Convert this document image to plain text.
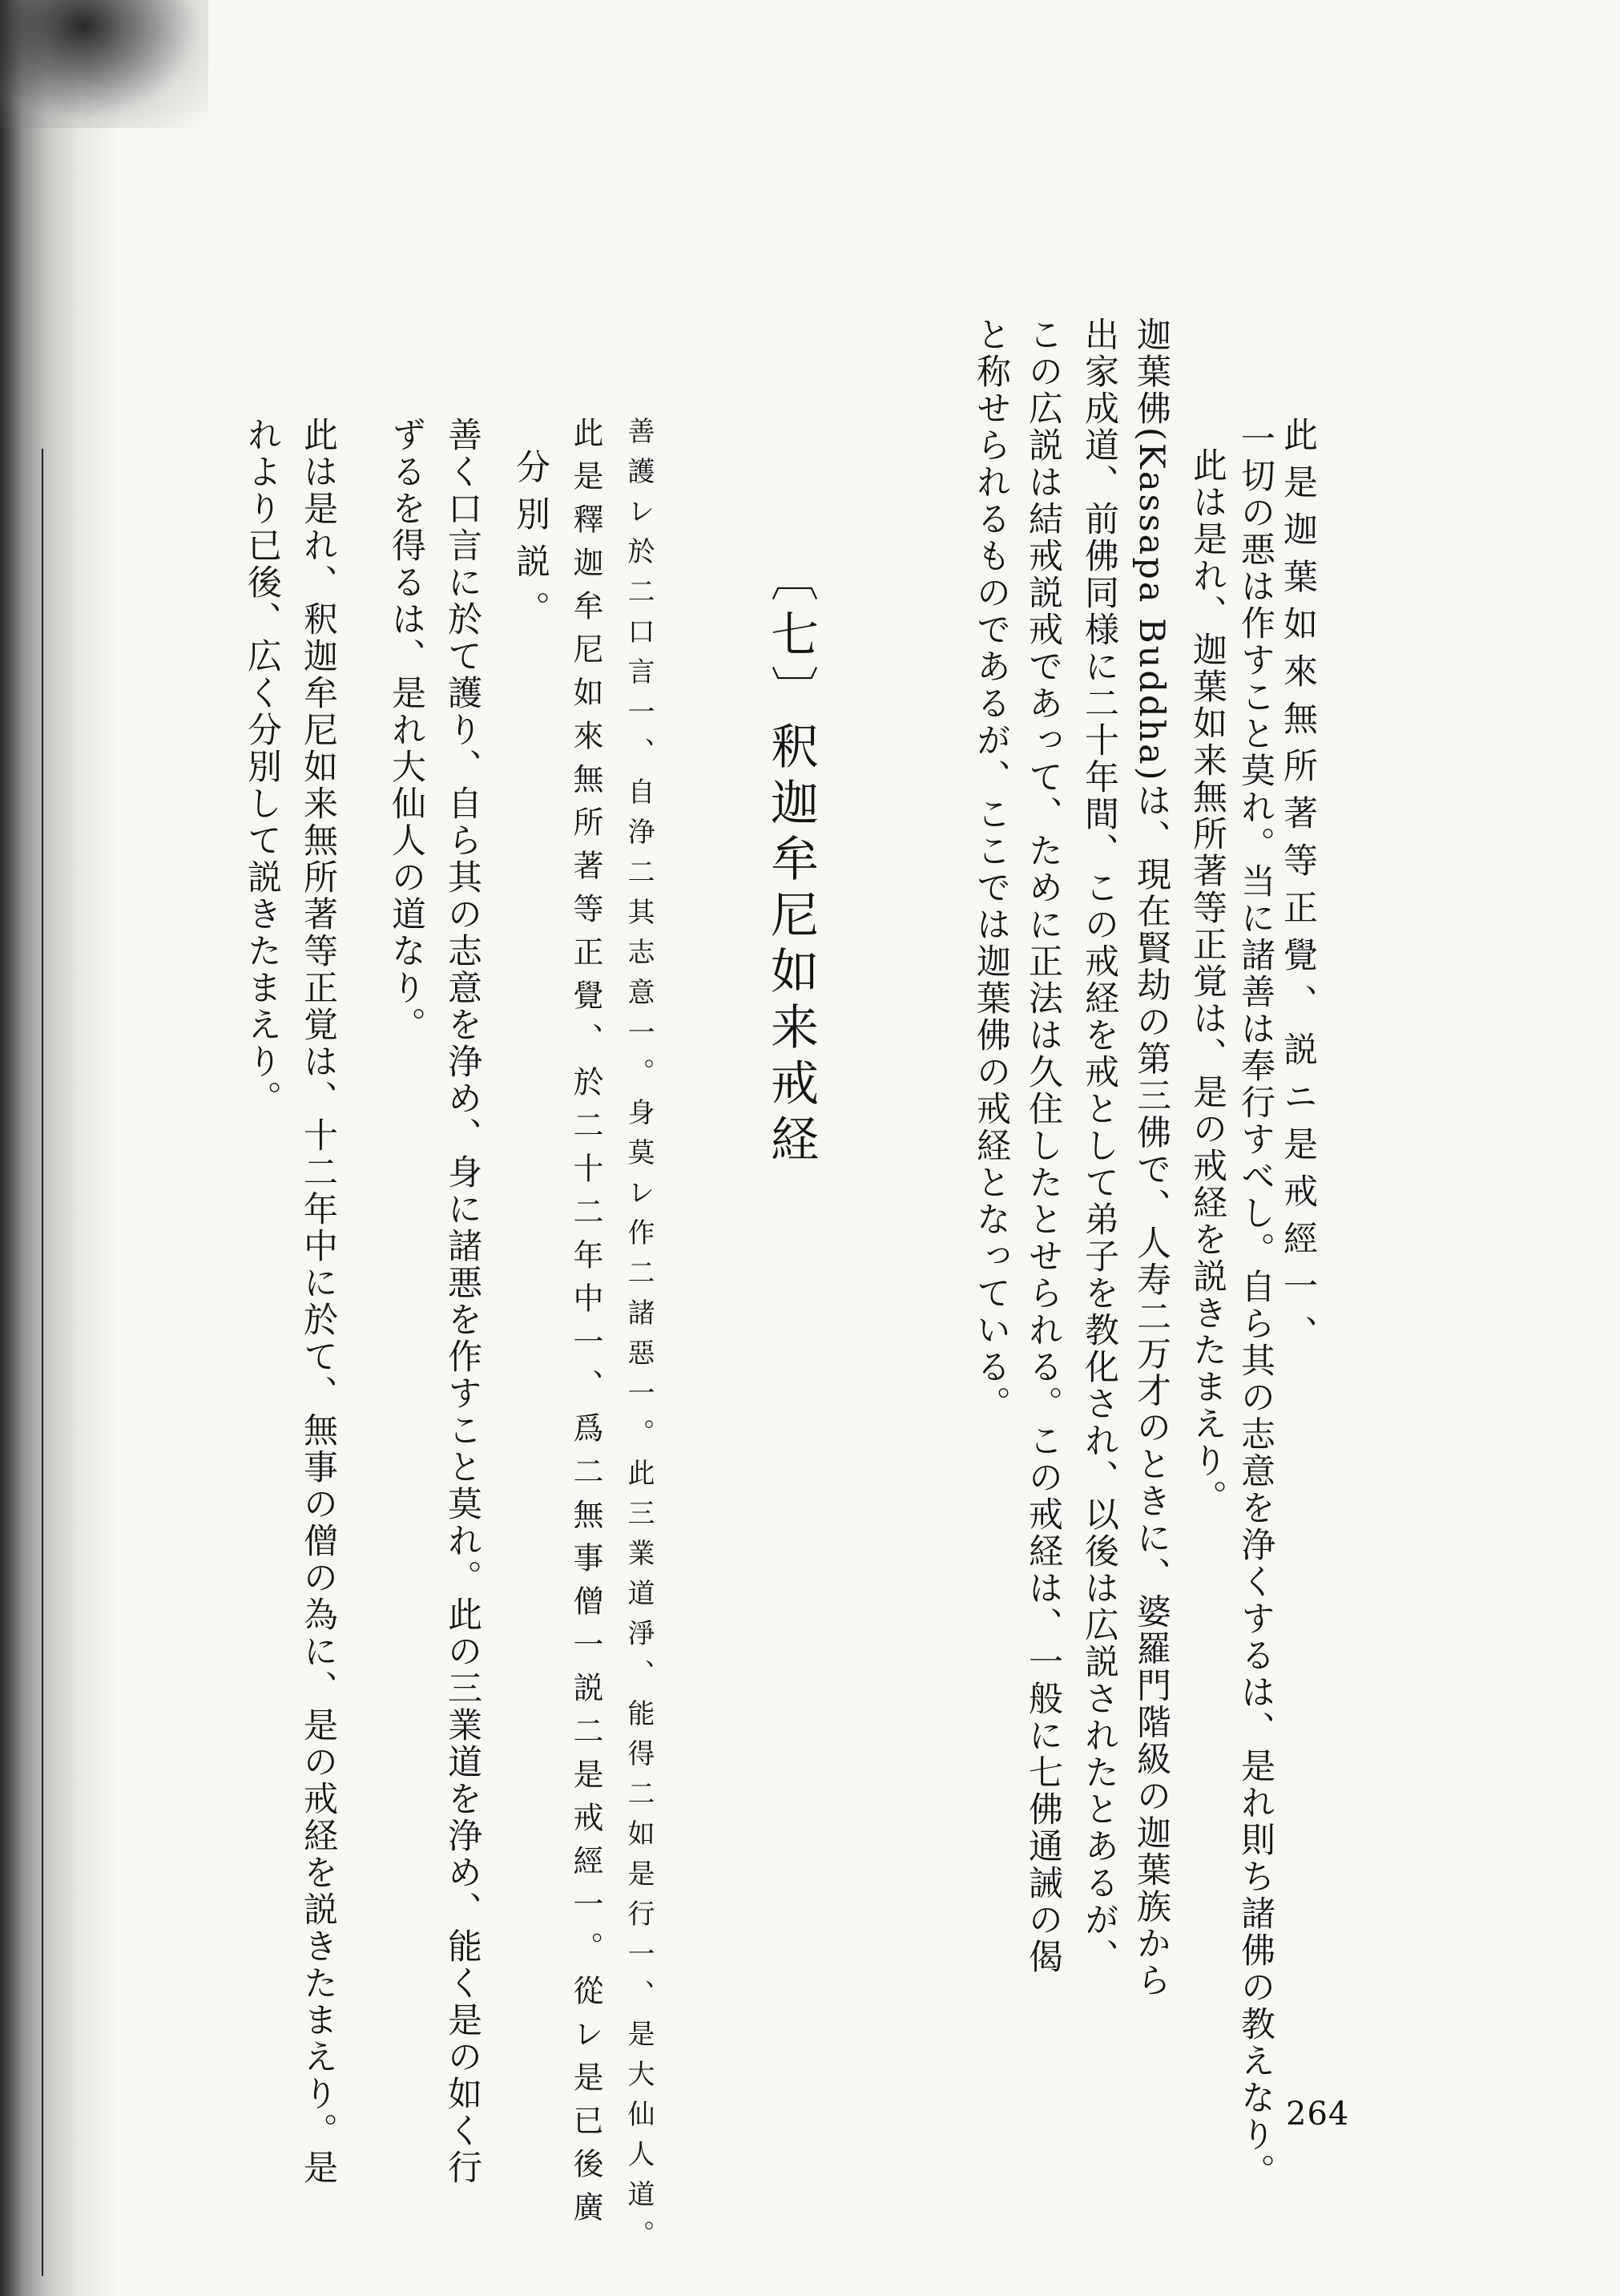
此是迦葉如來無所著等正覺、説ニ是戒經一、
一切の悪は作すこと莫れ。当に諸善は奉行すべし。自ら其の志意を浄くするは、是れ則ち諸佛の教えなり。
此は是れ、迦葉如来無所著等正覚は、是の戒経を説きたまえり。
迦葉佛(Kassapa Buddha)は、現在賢劫の第三佛で、人寿二万才のときに、婆羅門階級の迦葉族から
出家成道、前佛同様に二十年間、この戒経を戒として弟子を教化され、以後は広説されたとあるが、
この広説は結戒説戒であって、ために正法は久住したとせられる。この戒経は、一般に七佛通誡の偈
と称せられるものであるが、ここでは迦葉佛の戒経となっている。
〔七〕釈迦牟尼如来戒経
善護レ於二口言一、自浄二其志意一。身莫レ作二諸惡一。此三業道淨、能得二如是行一、是大仙人道。
此是釋迦牟尼如來無所著等正覺、於二十二年中一、爲二無事僧一説二是戒經一。從レ是已後廣
分別説。
善く口言に於て護り、自ら其の志意を浄め、身に諸悪を作すこと莫れ。此の三業道を浄め、能く是の如く行
ずるを得るは、是れ大仙人の道なり。
此は是れ、釈迦牟尼如来無所著等正覚は、十二年中に於て、無事の僧の為に、是の戒経を説きたまえり。是
れより已後、広く分別して説きたまえり。
264
